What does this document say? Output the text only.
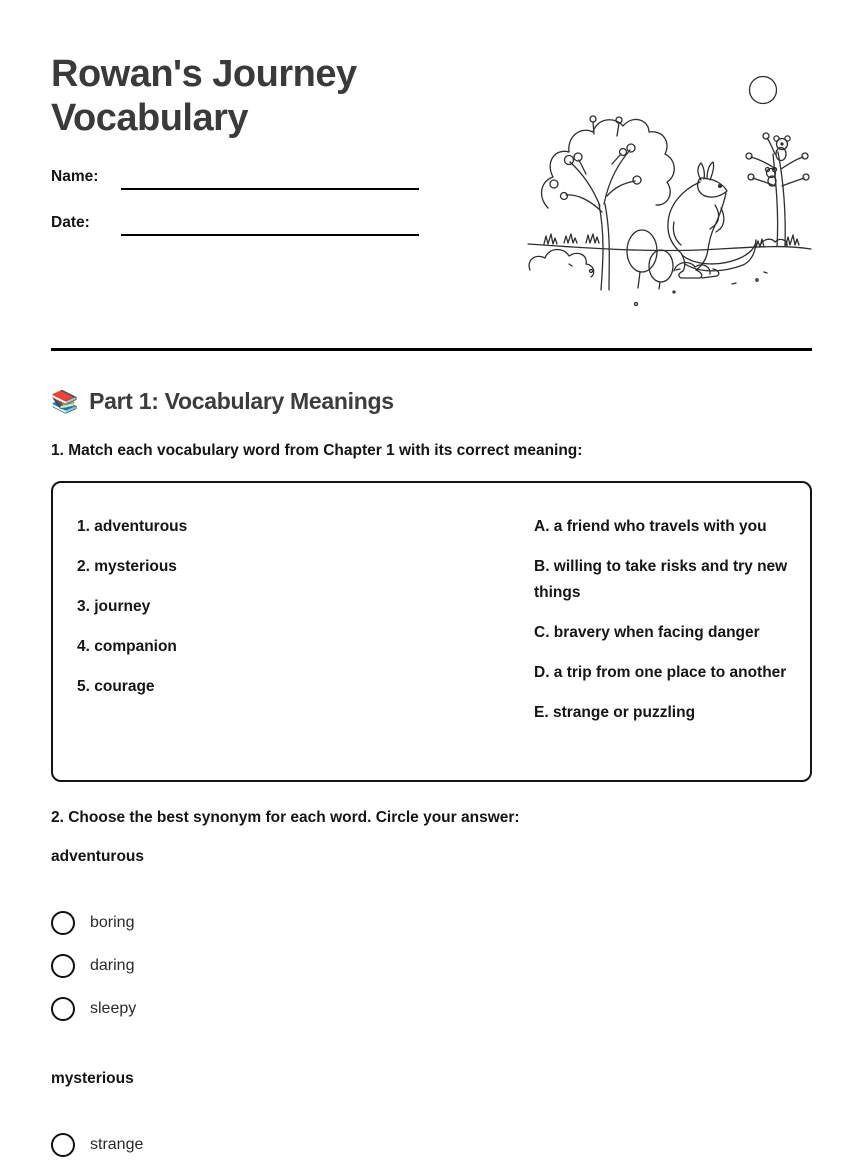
Rowan's Journey Vocabulary
Name:
Date:
📚 Part 1: Vocabulary Meanings

1. Match each vocabulary word from Chapter 1 with its correct meaning:

1. adventurous

2. mysterious

3. journey

4. companion

5. courage

A. a friend who travels with you

B. willing to take risks and try new things

C. bravery when facing danger

D. a trip from one place to another

E. strange or puzzling

2. Choose the best synonym for each word. Circle your answer:

adventurous

boring
daring
sleepy

mysterious

strange
